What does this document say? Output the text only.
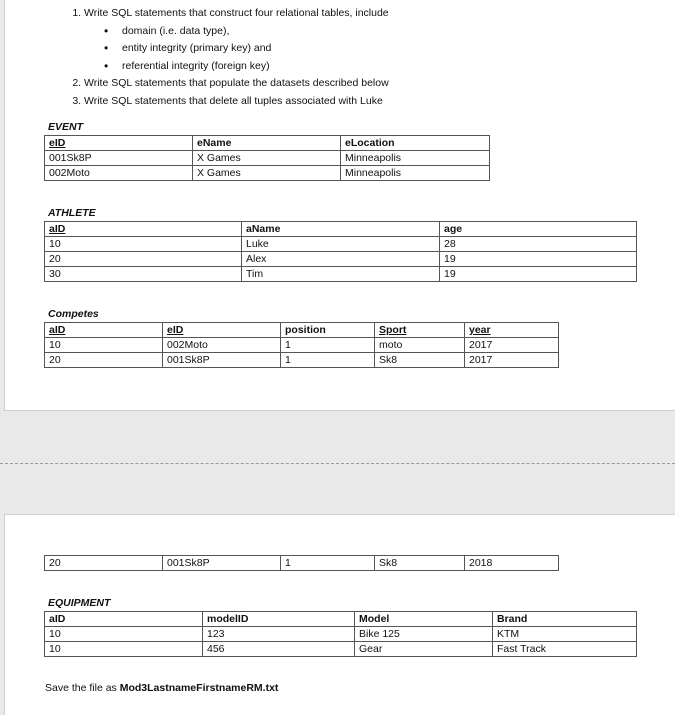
1. Write SQL statements that construct four relational tables, include
• domain (i.e. data type),
• entity integrity (primary key) and
• referential integrity (foreign key)
2. Write SQL statements that populate the datasets described below
3. Write SQL statements that delete all tuples associated with Luke
EVENT
eID	eName	eLocation
001Sk8P	X Games	Minneapolis
002Moto	X Games	Minneapolis
ATHLETE
aID	aName	age
10	Luke	28
20	Alex	19
30	Tim	19
Competes
aID	eID	position	Sport	year
10	002Moto	1	moto	2017
20	001Sk8P	1	Sk8	2017
20	001Sk8P	1	Sk8	2018
EQUIPMENT
aID	modelID	Model	Brand
10	123	Bike 125	KTM
10	456	Gear	Fast Track
Save the file as Mod3LastnameFirstnameRM.txt
